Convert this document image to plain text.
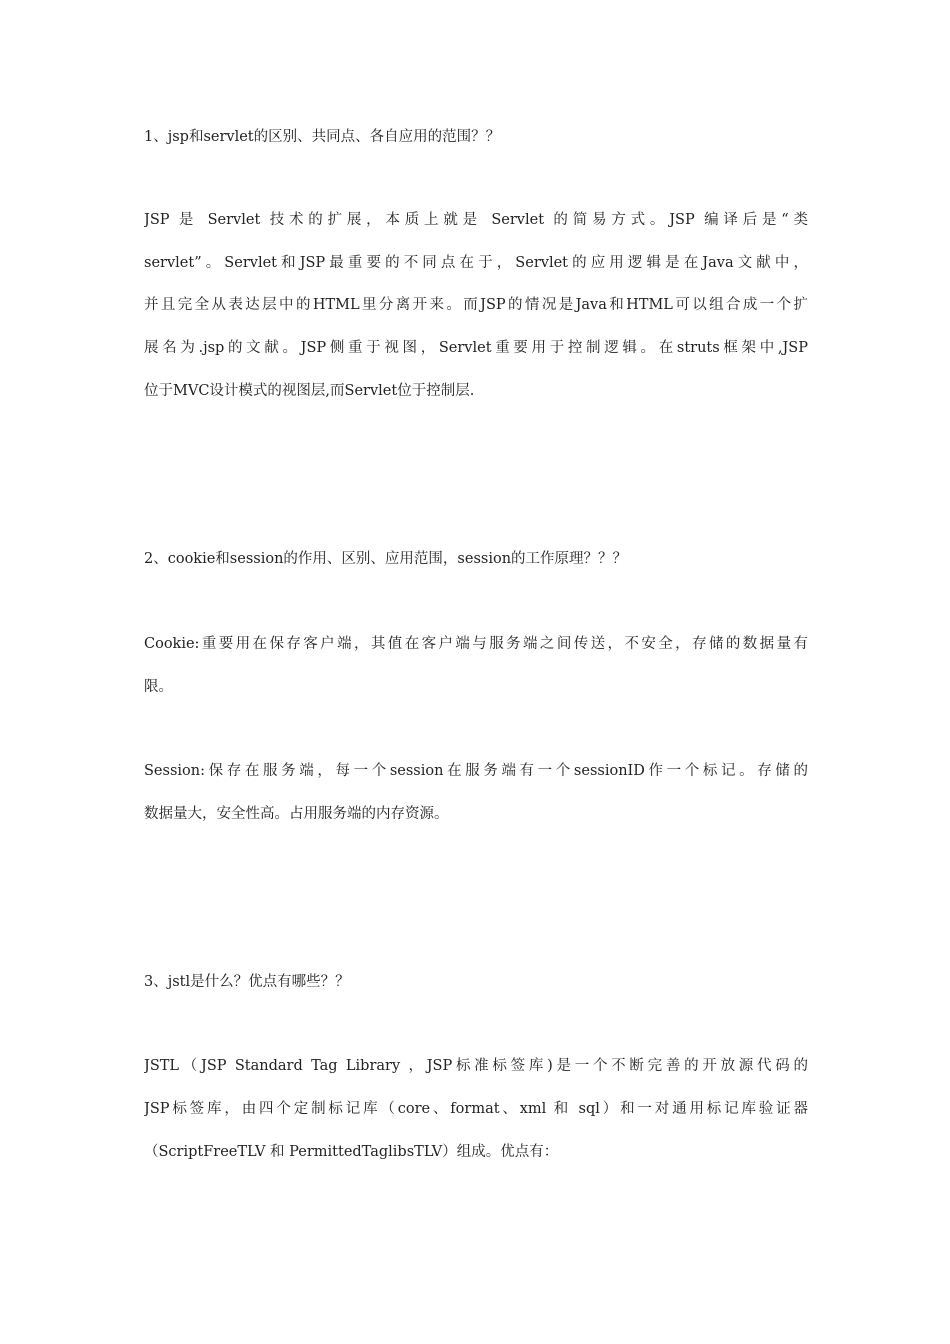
1、jsp和servlet的区别、共同点、各自应用的范围？？
JSP 是 Servlet 技术的扩展，本质上就是 Servlet 的简易方式。JSP 编译后是“类
servlet”。Servlet和JSP最重要的不同点在于，Servlet的应用逻辑是在Java文献中，
并且完全从表达层中的HTML里分离开来。而JSP的情况是Java和HTML可以组合成一个扩
展名为.jsp的文献。JSP侧重于视图，Servlet重要用于控制逻辑。在struts框架中,JSP
位于MVC设计模式的视图层,而Servlet位于控制层.
2、cookie和session的作用、区别、应用范围，session的工作原理？？？
Cookie:重要用在保存客户端，其值在客户端与服务端之间传送，不安全，存储的数据量有
限。
Session:保存在服务端，每一个session在服务端有一个sessionID作一个标记。存储的
数据量大，安全性高。占用服务端的内存资源。
3、jstl是什么？优点有哪些？？
JSTL（JSP Standard Tag Library ，JSP标准标签库)是一个不断完善的开放源代码的
JSP标签库，由四个定制标记库（core、format、xml 和 sql）和一对通用标记库验证器
（ScriptFreeTLV 和 PermittedTaglibsTLV）组成。优点有：
